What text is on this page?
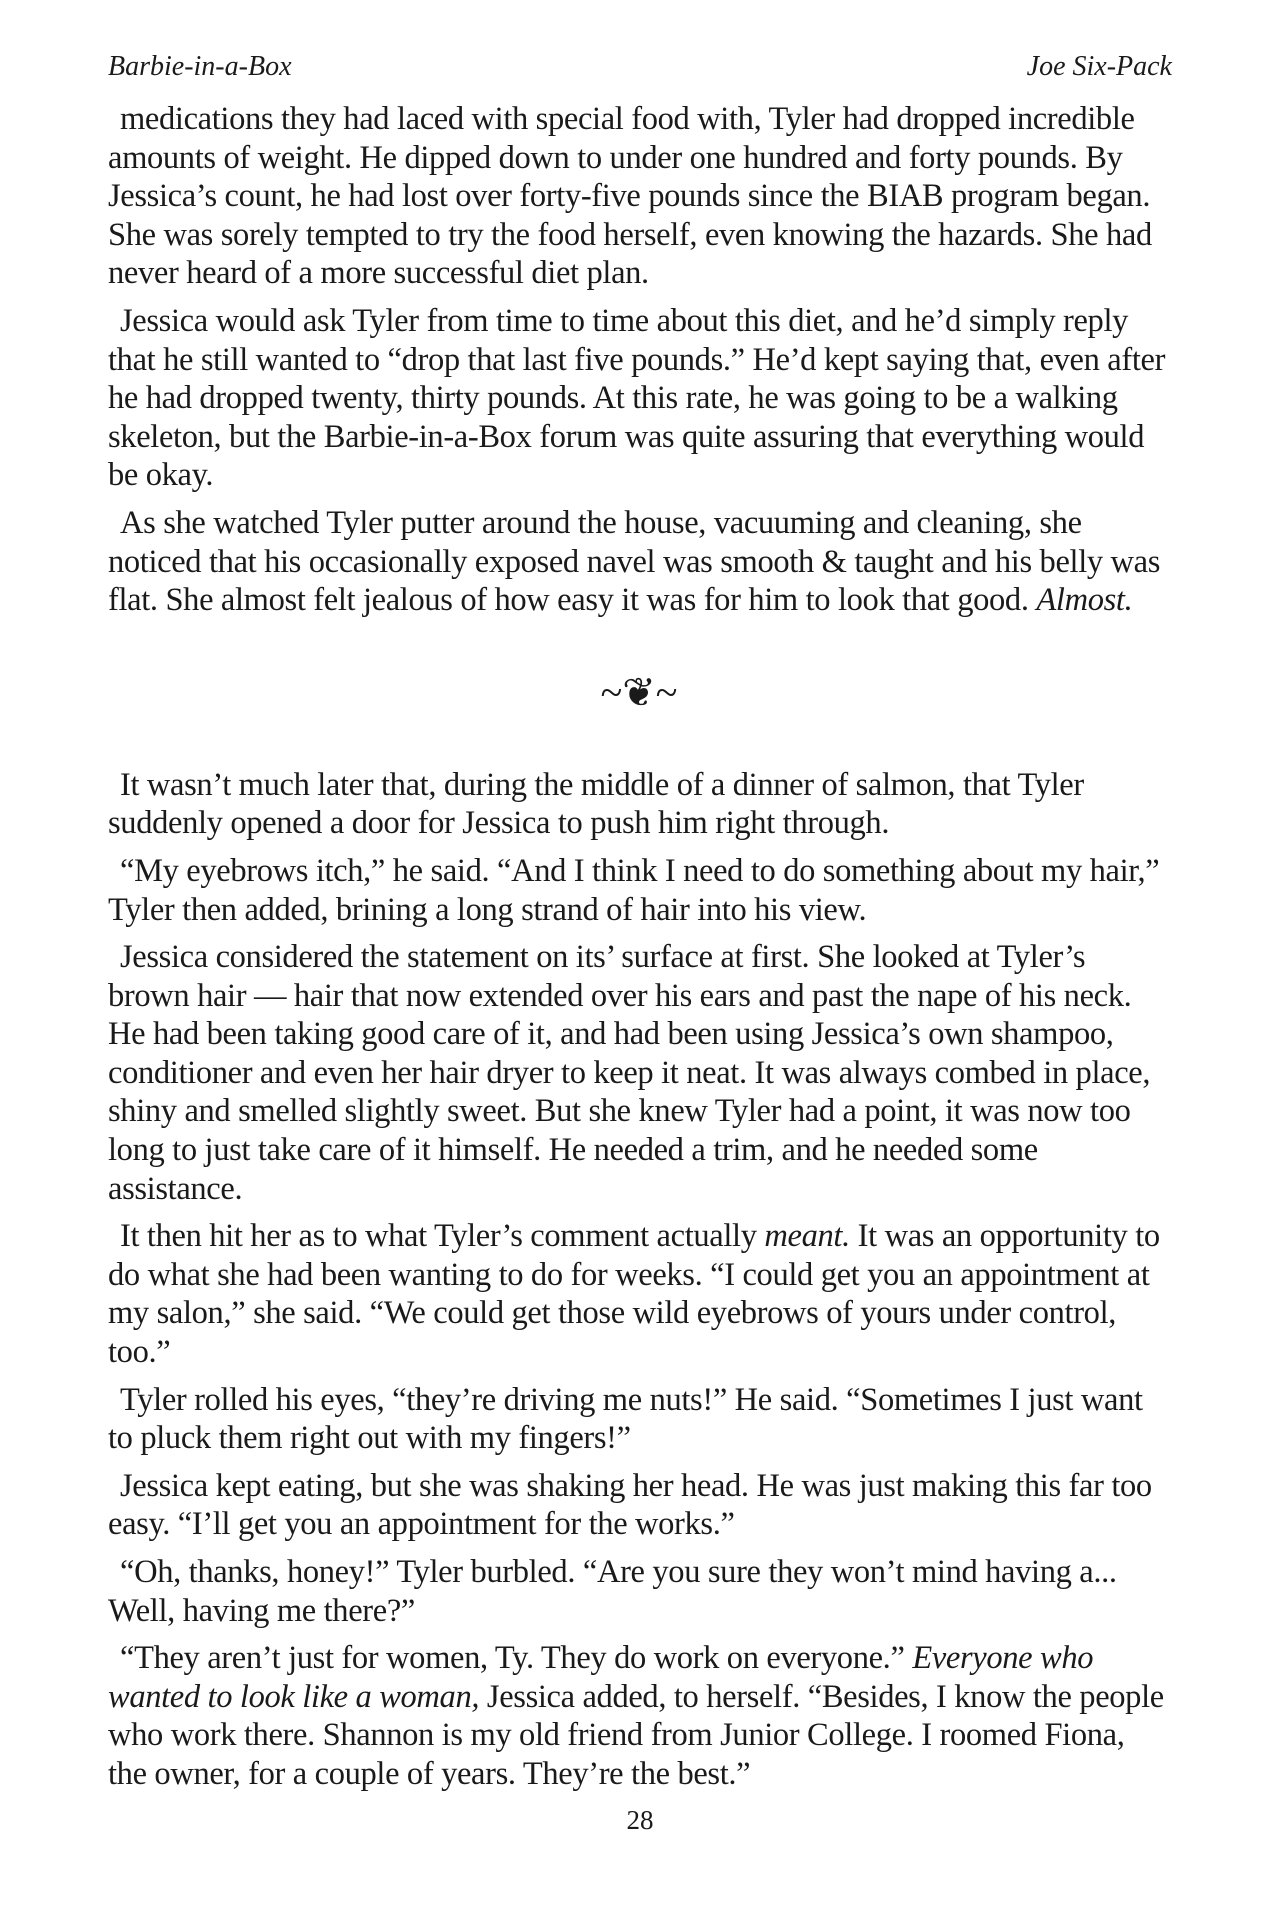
Barbie-in-a-Box	Joe Six-Pack

medications they had laced with special food with, Tyler had dropped incredible amounts of weight. He dipped down to under one hundred and forty pounds. By Jessica’s count, he had lost over forty-five pounds since the BIAB program began. She was sorely tempted to try the food herself, even knowing the hazards. She had never heard of a more successful diet plan.

Jessica would ask Tyler from time to time about this diet, and he’d simply reply that he still wanted to “drop that last five pounds.” He’d kept saying that, even after he had dropped twenty, thirty pounds. At this rate, he was going to be a walking skeleton, but the Barbie-in-a-Box forum was quite assuring that everything would be okay.

As she watched Tyler putter around the house, vacuuming and cleaning, she noticed that his occasionally exposed navel was smooth & taught and his belly was flat. She almost felt jealous of how easy it was for him to look that good. Almost.

~❦~

It wasn’t much later that, during the middle of a dinner of salmon, that Tyler suddenly opened a door for Jessica to push him right through.

“My eyebrows itch,” he said. “And I think I need to do something about my hair,” Tyler then added, brining a long strand of hair into his view.

Jessica considered the statement on its’ surface at first. She looked at Tyler’s brown hair — hair that now extended over his ears and past the nape of his neck. He had been taking good care of it, and had been using Jessica’s own shampoo, conditioner and even her hair dryer to keep it neat. It was always combed in place, shiny and smelled slightly sweet. But she knew Tyler had a point, it was now too long to just take care of it himself. He needed a trim, and he needed some assistance.

It then hit her as to what Tyler’s comment actually meant. It was an opportunity to do what she had been wanting to do for weeks. “I could get you an appointment at my salon,” she said. “We could get those wild eyebrows of yours under control, too.”

Tyler rolled his eyes, “they’re driving me nuts!” He said. “Sometimes I just want to pluck them right out with my fingers!”

Jessica kept eating, but she was shaking her head. He was just making this far too easy. “I’ll get you an appointment for the works.”

“Oh, thanks, honey!” Tyler burbled. “Are you sure they won’t mind having a... Well, having me there?”

“They aren’t just for women, Ty. They do work on everyone.” Everyone who wanted to look like a woman, Jessica added, to herself. “Besides, I know the people who work there. Shannon is my old friend from Junior College. I roomed Fiona, the owner, for a couple of years. They’re the best.”

28
